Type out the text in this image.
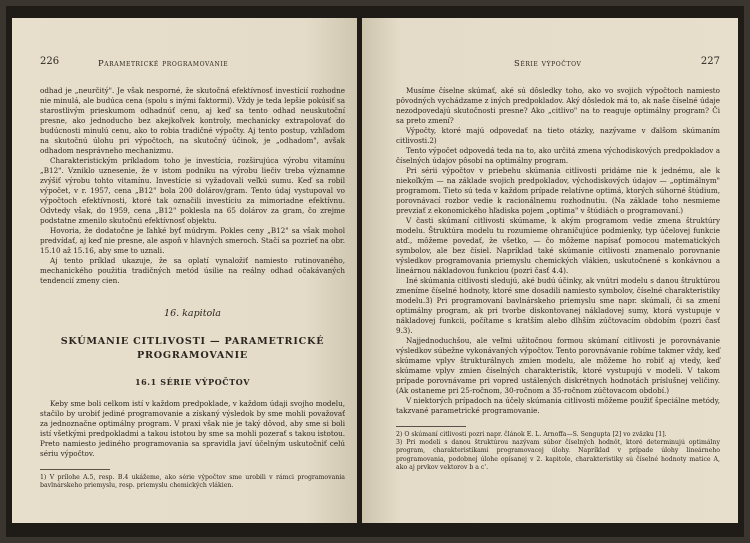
226	Parametrické programovanie

odhad je „neurčitý". Je však nesporné, že skutočná efektívnosť investícií rozhodne nie minulá, ale budúca cena (spolu s inými faktormi). Vždy je teda lepšie pokúsiť sa starostlivým prieskumom odhadnúť cenu, aj keď sa tento odhad neuskutoční presne, ako jednoducho bez akejkoľvek kontroly, mechanicky extrapolovať do budúcnosti minulú cenu, ako to robia tradičné výpočty. Aj tento postup, vzhľadom na skutočnú úlohu pri výpočtoch, na skutočný účinok, je „odhadom", avšak odhadom nesprávneho mechanizmu.

Charakteristickým príkladom toho je investícia, rozširujúca výrobu vitamínu „B12". Vzniklo uznesenie, že v istom podniku na výrobu liečiv treba významne zvýšiť výrobu tohto vitamínu. Investície si vyžadovali veľkú sumu. Keď sa robil výpočet, v r. 1957, cena „B12" bola 200 dolárov/gram. Tento údaj vystupoval vo výpočtoch efektívnosti, ktoré tak označili investíciu za mimoriadne efektívnu. Odvtedy však, do 1959, cena „B12" poklesla na 65 dolárov za gram, čo zrejme podstatne zmenilo skutočnú efektívnosť objektu.

Hovoria, že dodatočne je ľahké byť múdrym. Pokles ceny „B12" sa však mohol predvídať, aj keď nie presne, ale aspoň v hlavných smeroch. Stačí sa pozrieť na obr. 15.10 až 15.16, aby sme to uznali.

Aj tento príklad ukazuje, že sa oplatí vynaložiť namiesto rutinovaného, mechanického použitia tradičných metód úsilie na reálny odhad očakávaných tendencií zmeny cien.

16. kapitola
SKÚMANIE CITLIVOSTI — PARAMETRICKÉ
PROGRAMOVANIE
16.1 SÉRIE VÝPOČTOV

Keby sme boli celkom istí v každom predpoklade, v každom údaji svojho modelu, stačilo by urobiť jediné programovanie a získaný výsledok by sme mohli považovať za jednoznačne optimálny program. V praxi však nie je taký dôvod, aby sme si boli istí všetkými predpokladmi a takou istotou by sme sa mohli pozerať s takou istotou. Preto namiesto jediného programovania sa spravidla javí účelným uskutočniť celú sériu výpočtov.

1) V prílohe A.5, resp. B.4 ukážeme, ako série výpočtov sme urobili v rámci programovania bavlnárskeho priemyslu, resp. priemyslu chemických vlákien.
Série výpočtov	227

Musíme číselne skúmať, aké sú dôsledky toho, ako vo svojich výpočtoch namiesto pôvodných vychádzame z iných predpokladov. Aký dôsledok má to, ak naše číselné údaje nezodpovedajú skutočnosti presne? Ako „citlivo" na to reaguje optimálny program? Či sa preto zmení?

Výpočty, ktoré majú odpovedať na tieto otázky, nazývame v ďalšom skúmaním citlivosti.2)

Tento výpočet odpovedá teda na to, ako určitá zmena východiskových predpokladov a číselných údajov pôsobí na optimálny program.

Pri sérii výpočtov v priebehu skúmania citlivosti pridáme nie k jednému, ale k niekoľkým — na základe svojich predpokladov, východiskových údajov — „optimálnym" programom. Tieto sú teda v každom prípade relatívne optimá, ktorých súhorné štúdium, porovnávací rozbor vedie k racionálnemu rozhodnutiu. (Na základe toho nesmieme prevziať z ekonomického hľadiska pojem „optima" v štúdiách o programovaní.)

V časti skúmaní citlivosti skúmame, k akým programom vedie zmena štruktúry modelu. Štruktúra modelu tu rozumieme ohraničujúce podmienky, typ účelovej funkcie atď., môžeme povedať, že všetko, — čo môžeme napísať pomocou matematických symbolov, ale bez čísiel. Napríklad také skúmanie citlivosti znamenalo porovnanie výsledkov programovania priemyslu chemických vlákien, uskutočnené s konkávnou a lineárnou nákladovou funkciou (pozri časť 4.4).

Iné skúmania citlivosti sledujú, aké budú účinky, ak vnútri modelu s danou štruktúrou zmeníme číselné hodnoty, ktoré sme dosadili namiesto symbolov, číselné charakteristiky modelu.3) Pri programovaní bavlnárskeho priemyslu sme napr. skúmali, či sa zmení optimálny program, ak pri tvorbe diskontovanej nákladovej sumy, ktorá vystupuje v nákladovej funkcii, počítame s kratším alebo dlhším zúčtovacím obdobím (pozri časť 9.3).

Najjednoduchšou, ale veľmi užitočnou formou skúmaní citlivosti je porovnávanie výsledkov súbežne vykonávaných výpočtov. Tento porovnávanie robíme takmer vždy, keď skúmame vplyv štrukturálnych zmien modelu, ale môžeme ho robiť aj vtedy, keď skúmame vplyv zmien číselných charakteristík, ktoré vystupujú v modeli. V takom prípade porovnávame pri vopred ustálených diskrétnych hodnotách príslušnej veličiny. (Ak ostaneme pri 25-ročnom, 30-ročnom a 35-ročnom zúčtovacom období.)

V niektorých prípadoch na účely skúmania citlivosti môžeme použiť špeciálne metódy, takzvané parametrické programovanie.

2) O skúmaní citlivosti pozri napr. článok E. L. Arnoffa—S. Sengupta [2] vo zväzku [1].
3) Pri modeli s danou štruktúrou nazývam súbor číselných hodnôt, ktoré determinujú optimálny program, charakteristikami programovacej úlohy. Napríklad v prípade úlohy lineárneho programovania, podobnej úlohe opísanej v 2. kapitole, charakteristiky sú číselné hodnoty matice A, ako aj prvkov vektorov b a c'.
